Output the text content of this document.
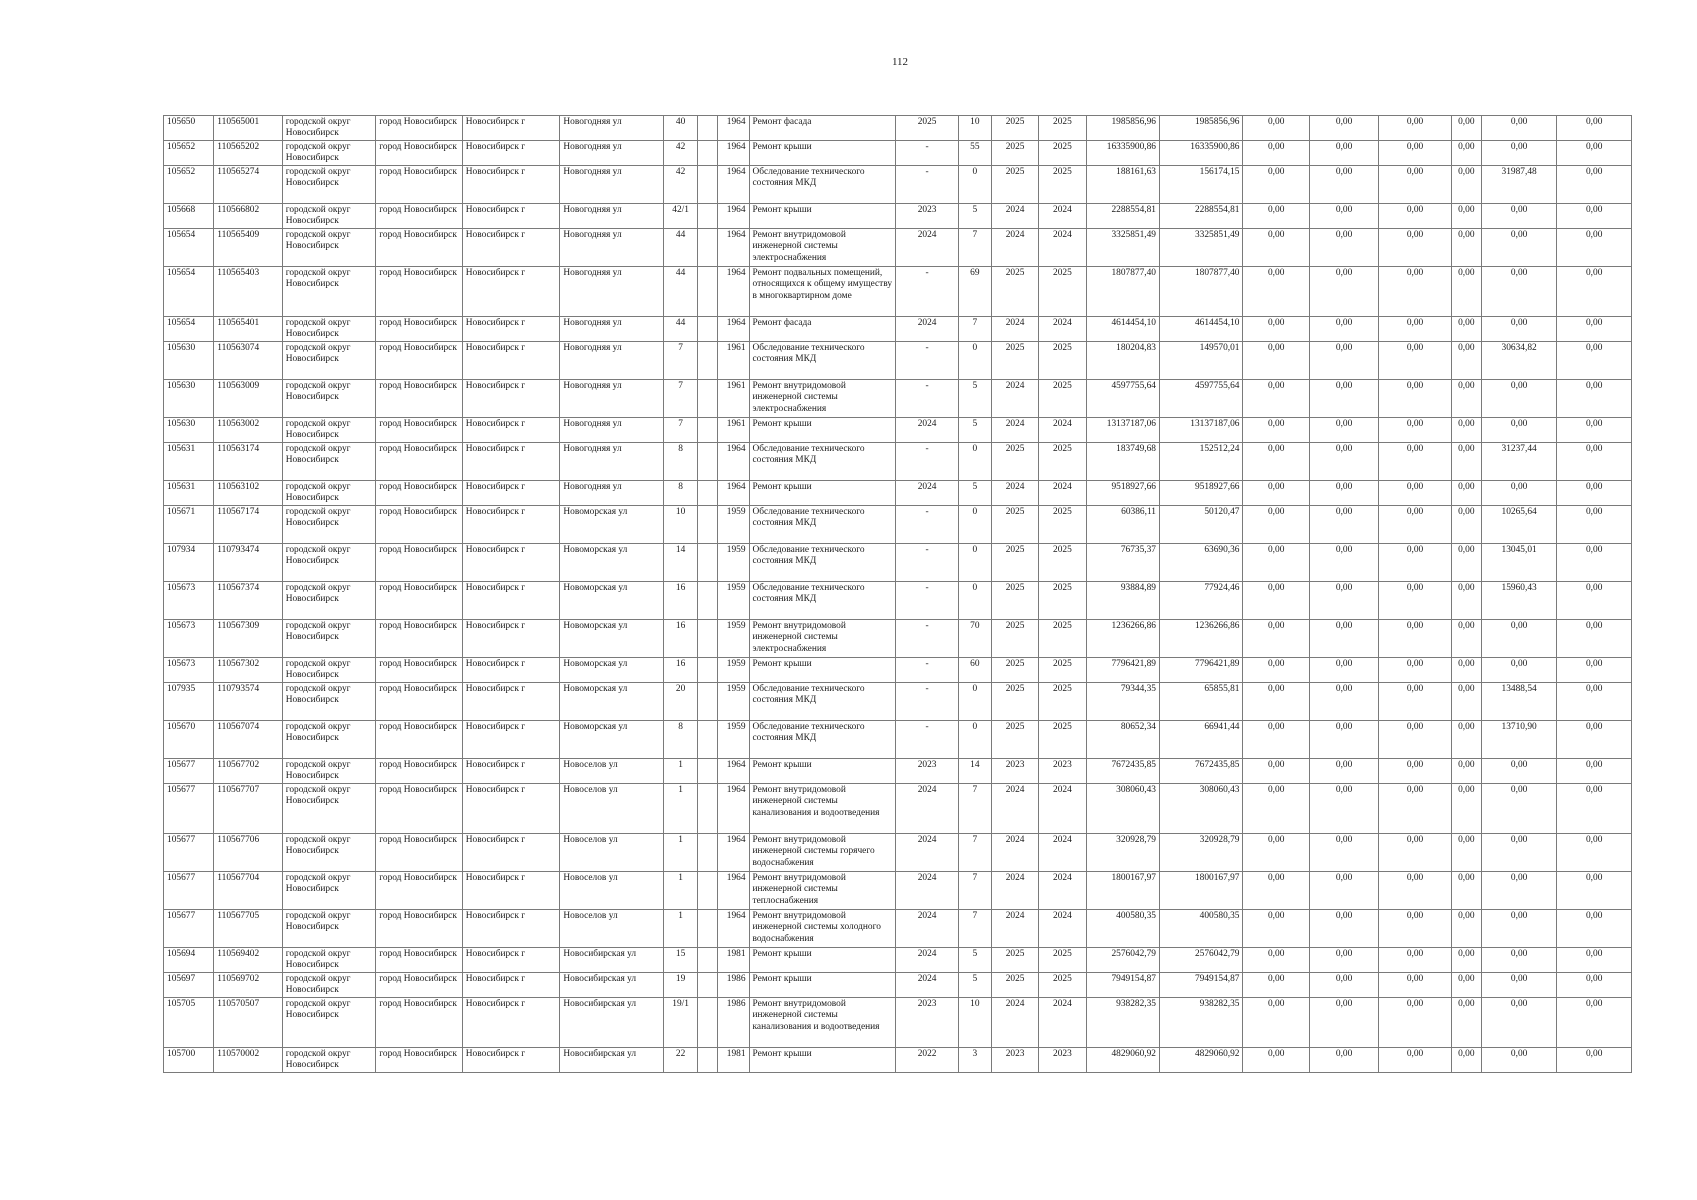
112
105650	110565001	городской округ Новосибирск	город Новосибирск	Новосибирск г	Новогодняя ул	40		1964	Ремонт фасада	2025	10	2025	2025	1985856,96	1985856,96	0,00	0,00	0,00	0,00	0,00	0,00
105652	110565202	городской округ Новосибирск	город Новосибирск	Новосибирск г	Новогодняя ул	42		1964	Ремонт крыши	-	55	2025	2025	16335900,86	16335900,86	0,00	0,00	0,00	0,00	0,00	0,00
105652	110565274	городской округ Новосибирск	город Новосибирск	Новосибирск г	Новогодняя ул	42		1964	Обследование технического состояния МКД	-	0	2025	2025	188161,63	156174,15	0,00	0,00	0,00	0,00	31987,48	0,00
105668	110566802	городской округ Новосибирск	город Новосибирск	Новосибирск г	Новогодняя ул	42/1		1964	Ремонт крыши	2023	5	2024	2024	2288554,81	2288554,81	0,00	0,00	0,00	0,00	0,00	0,00
105654	110565409	городской округ Новосибирск	город Новосибирск	Новосибирск г	Новогодняя ул	44		1964	Ремонт внутридомовой инженерной системы электроснабжения	2024	7	2024	2024	3325851,49	3325851,49	0,00	0,00	0,00	0,00	0,00	0,00
105654	110565403	городской округ Новосибирск	город Новосибирск	Новосибирск г	Новогодняя ул	44		1964	Ремонт подвальных помещений, относящихся к общему имуществу в многоквартирном доме	-	69	2025	2025	1807877,40	1807877,40	0,00	0,00	0,00	0,00	0,00	0,00
105654	110565401	городской округ Новосибирск	город Новосибирск	Новосибирск г	Новогодняя ул	44		1964	Ремонт фасада	2024	7	2024	2024	4614454,10	4614454,10	0,00	0,00	0,00	0,00	0,00	0,00
105630	110563074	городской округ Новосибирск	город Новосибирск	Новосибирск г	Новогодняя ул	7		1961	Обследование технического состояния МКД	-	0	2025	2025	180204,83	149570,01	0,00	0,00	0,00	0,00	30634,82	0,00
105630	110563009	городской округ Новосибирск	город Новосибирск	Новосибирск г	Новогодняя ул	7		1961	Ремонт внутридомовой инженерной системы электроснабжения	-	5	2024	2025	4597755,64	4597755,64	0,00	0,00	0,00	0,00	0,00	0,00
105630	110563002	городской округ Новосибирск	город Новосибирск	Новосибирск г	Новогодняя ул	7		1961	Ремонт крыши	2024	5	2024	2024	13137187,06	13137187,06	0,00	0,00	0,00	0,00	0,00	0,00
105631	110563174	городской округ Новосибирск	город Новосибирск	Новосибирск г	Новогодняя ул	8		1964	Обследование технического состояния МКД	-	0	2025	2025	183749,68	152512,24	0,00	0,00	0,00	0,00	31237,44	0,00
105631	110563102	городской округ Новосибирск	город Новосибирск	Новосибирск г	Новогодняя ул	8		1964	Ремонт крыши	2024	5	2024	2024	9518927,66	9518927,66	0,00	0,00	0,00	0,00	0,00	0,00
105671	110567174	городской округ Новосибирск	город Новосибирск	Новосибирск г	Новоморская ул	10		1959	Обследование технического состояния МКД	-	0	2025	2025	60386,11	50120,47	0,00	0,00	0,00	0,00	10265,64	0,00
107934	110793474	городской округ Новосибирск	город Новосибирск	Новосибирск г	Новоморская ул	14		1959	Обследование технического состояния МКД	-	0	2025	2025	76735,37	63690,36	0,00	0,00	0,00	0,00	13045,01	0,00
105673	110567374	городской округ Новосибирск	город Новосибирск	Новосибирск г	Новоморская ул	16		1959	Обследование технического состояния МКД	-	0	2025	2025	93884,89	77924,46	0,00	0,00	0,00	0,00	15960,43	0,00
105673	110567309	городской округ Новосибирск	город Новосибирск	Новосибирск г	Новоморская ул	16		1959	Ремонт внутридомовой инженерной системы электроснабжения	-	70	2025	2025	1236266,86	1236266,86	0,00	0,00	0,00	0,00	0,00	0,00
105673	110567302	городской округ Новосибирск	город Новосибирск	Новосибирск г	Новоморская ул	16		1959	Ремонт крыши	-	60	2025	2025	7796421,89	7796421,89	0,00	0,00	0,00	0,00	0,00	0,00
107935	110793574	городской округ Новосибирск	город Новосибирск	Новосибирск г	Новоморская ул	20		1959	Обследование технического состояния МКД	-	0	2025	2025	79344,35	65855,81	0,00	0,00	0,00	0,00	13488,54	0,00
105670	110567074	городской округ Новосибирск	город Новосибирск	Новосибирск г	Новоморская ул	8		1959	Обследование технического состояния МКД	-	0	2025	2025	80652,34	66941,44	0,00	0,00	0,00	0,00	13710,90	0,00
105677	110567702	городской округ Новосибирск	город Новосибирск	Новосибирск г	Новоселов ул	1		1964	Ремонт крыши	2023	14	2023	2023	7672435,85	7672435,85	0,00	0,00	0,00	0,00	0,00	0,00
105677	110567707	городской округ Новосибирск	город Новосибирск	Новосибирск г	Новоселов ул	1		1964	Ремонт внутридомовой инженерной системы канализования и водоотведения	2024	7	2024	2024	308060,43	308060,43	0,00	0,00	0,00	0,00	0,00	0,00
105677	110567706	городской округ Новосибирск	город Новосибирск	Новосибирск г	Новоселов ул	1		1964	Ремонт внутридомовой инженерной системы горячего водоснабжения	2024	7	2024	2024	320928,79	320928,79	0,00	0,00	0,00	0,00	0,00	0,00
105677	110567704	городской округ Новосибирск	город Новосибирск	Новосибирск г	Новоселов ул	1		1964	Ремонт внутридомовой инженерной системы теплоснабжения	2024	7	2024	2024	1800167,97	1800167,97	0,00	0,00	0,00	0,00	0,00	0,00
105677	110567705	городской округ Новосибирск	город Новосибирск	Новосибирск г	Новоселов ул	1		1964	Ремонт внутридомовой инженерной системы холодного водоснабжения	2024	7	2024	2024	400580,35	400580,35	0,00	0,00	0,00	0,00	0,00	0,00
105694	110569402	городской округ Новосибирск	город Новосибирск	Новосибирск г	Новосибирская ул	15		1981	Ремонт крыши	2024	5	2025	2025	2576042,79	2576042,79	0,00	0,00	0,00	0,00	0,00	0,00
105697	110569702	городской округ Новосибирск	город Новосибирск	Новосибирск г	Новосибирская ул	19		1986	Ремонт крыши	2024	5	2025	2025	7949154,87	7949154,87	0,00	0,00	0,00	0,00	0,00	0,00
105705	110570507	городской округ Новосибирск	город Новосибирск	Новосибирск г	Новосибирская ул	19/1		1986	Ремонт внутридомовой инженерной системы канализования и водоотведения	2023	10	2024	2024	938282,35	938282,35	0,00	0,00	0,00	0,00	0,00	0,00
105700	110570002	городской округ Новосибирск	город Новосибирск	Новосибирск г	Новосибирская ул	22		1981	Ремонт крыши	2022	3	2023	2023	4829060,92	4829060,92	0,00	0,00	0,00	0,00	0,00	0,00
